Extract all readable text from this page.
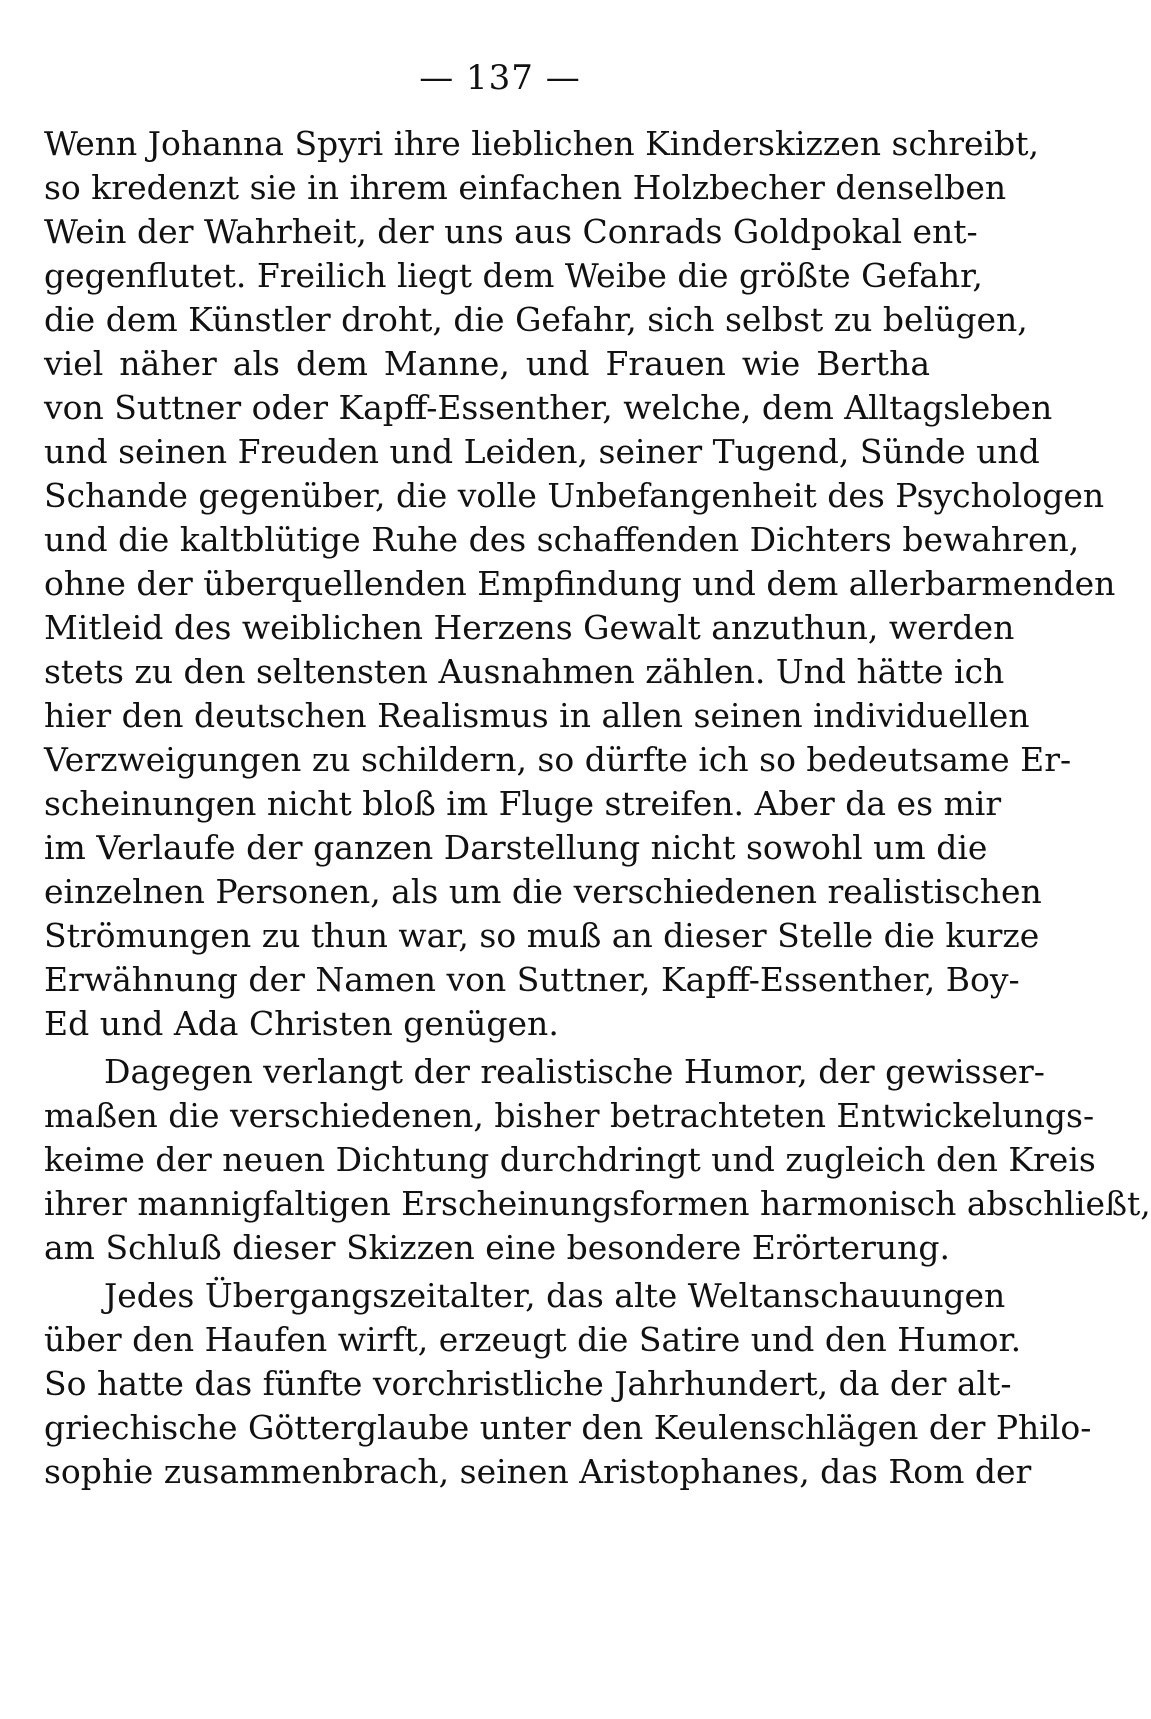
— 137 —
Wenn Johanna Spyri ihre lieblichen Kinderskizzen schreibt,
so kredenzt sie in ihrem einfachen Holzbecher denselben
Wein der Wahrheit, der uns aus Conrads Goldpokal ent-
gegenflutet. Freilich liegt dem Weibe die größte Gefahr,
die dem Künstler droht, die Gefahr, sich selbst zu belügen,
viel näher als dem Manne, und Frauen wie Bertha
von Suttner oder Kapff-Essenther, welche, dem Alltagsleben
und seinen Freuden und Leiden, seiner Tugend, Sünde und
Schande gegenüber, die volle Unbefangenheit des Psychologen
und die kaltblütige Ruhe des schaffenden Dichters bewahren,
ohne der überquellenden Empfindung und dem allerbarmenden
Mitleid des weiblichen Herzens Gewalt anzuthun, werden
stets zu den seltensten Ausnahmen zählen. Und hätte ich
hier den deutschen Realismus in allen seinen individuellen
Verzweigungen zu schildern, so dürfte ich so bedeutsame Er-
scheinungen nicht bloß im Fluge streifen. Aber da es mir
im Verlaufe der ganzen Darstellung nicht sowohl um die
einzelnen Personen, als um die verschiedenen realistischen
Strömungen zu thun war, so muß an dieser Stelle die kurze
Erwähnung der Namen von Suttner, Kapff-Essenther, Boy-
Ed und Ada Christen genügen.
Dagegen verlangt der realistische Humor, der gewisser-
maßen die verschiedenen, bisher betrachteten Entwickelungs-
keime der neuen Dichtung durchdringt und zugleich den Kreis
ihrer mannigfaltigen Erscheinungsformen harmonisch abschließt,
am Schluß dieser Skizzen eine besondere Erörterung.
Jedes Übergangszeitalter, das alte Weltanschauungen
über den Haufen wirft, erzeugt die Satire und den Humor.
So hatte das fünfte vorchristliche Jahrhundert, da der alt-
griechische Götterglaube unter den Keulenschlägen der Philo-
sophie zusammenbrach, seinen Aristophanes, das Rom der
